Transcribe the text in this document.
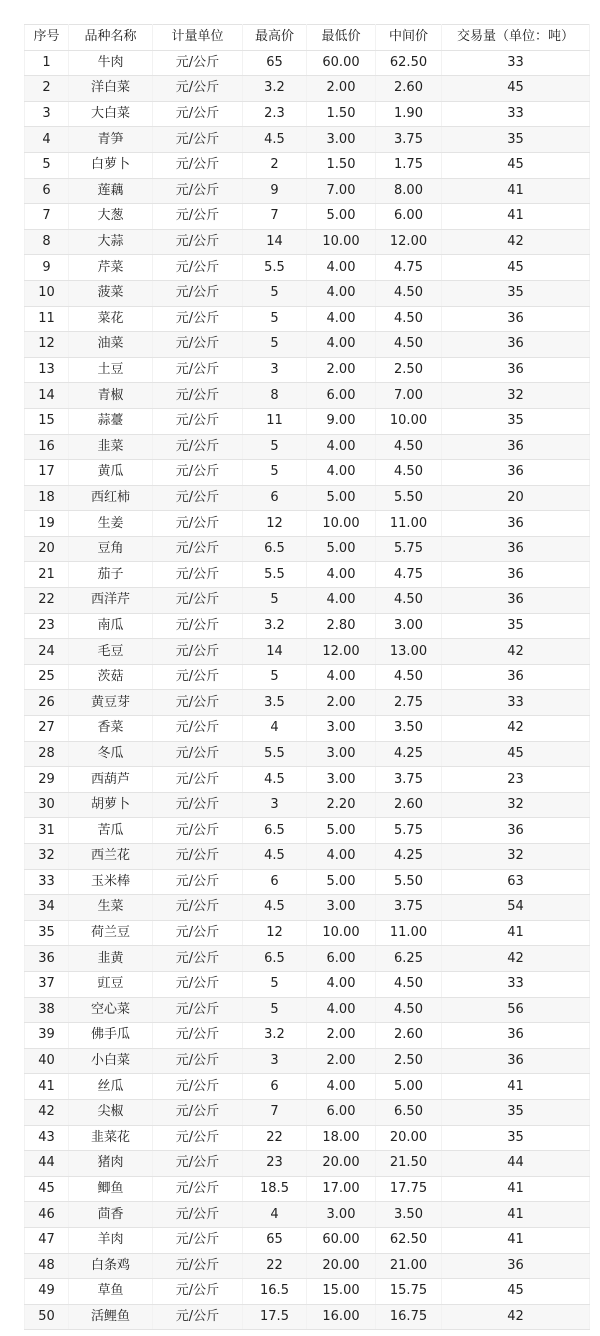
序号	品种名称	计量单位	最高价	最低价	中间价	交易量（单位：吨）
1	牛肉	元/公斤	65	60.00	62.50	33
2	洋白菜	元/公斤	3.2	2.00	2.60	45
3	大白菜	元/公斤	2.3	1.50	1.90	33
4	青笋	元/公斤	4.5	3.00	3.75	35
5	白萝卜	元/公斤	2	1.50	1.75	45
6	莲藕	元/公斤	9	7.00	8.00	41
7	大葱	元/公斤	7	5.00	6.00	41
8	大蒜	元/公斤	14	10.00	12.00	42
9	芹菜	元/公斤	5.5	4.00	4.75	45
10	菠菜	元/公斤	5	4.00	4.50	35
11	菜花	元/公斤	5	4.00	4.50	36
12	油菜	元/公斤	5	4.00	4.50	36
13	土豆	元/公斤	3	2.00	2.50	36
14	青椒	元/公斤	8	6.00	7.00	32
15	蒜薹	元/公斤	11	9.00	10.00	35
16	韭菜	元/公斤	5	4.00	4.50	36
17	黄瓜	元/公斤	5	4.00	4.50	36
18	西红柿	元/公斤	6	5.00	5.50	20
19	生姜	元/公斤	12	10.00	11.00	36
20	豆角	元/公斤	6.5	5.00	5.75	36
21	茄子	元/公斤	5.5	4.00	4.75	36
22	西洋芹	元/公斤	5	4.00	4.50	36
23	南瓜	元/公斤	3.2	2.80	3.00	35
24	毛豆	元/公斤	14	12.00	13.00	42
25	茨菇	元/公斤	5	4.00	4.50	36
26	黄豆芽	元/公斤	3.5	2.00	2.75	33
27	香菜	元/公斤	4	3.00	3.50	42
28	冬瓜	元/公斤	5.5	3.00	4.25	45
29	西葫芦	元/公斤	4.5	3.00	3.75	23
30	胡萝卜	元/公斤	3	2.20	2.60	32
31	苦瓜	元/公斤	6.5	5.00	5.75	36
32	西兰花	元/公斤	4.5	4.00	4.25	32
33	玉米棒	元/公斤	6	5.00	5.50	63
34	生菜	元/公斤	4.5	3.00	3.75	54
35	荷兰豆	元/公斤	12	10.00	11.00	41
36	韭黄	元/公斤	6.5	6.00	6.25	42
37	豇豆	元/公斤	5	4.00	4.50	33
38	空心菜	元/公斤	5	4.00	4.50	56
39	佛手瓜	元/公斤	3.2	2.00	2.60	36
40	小白菜	元/公斤	3	2.00	2.50	36
41	丝瓜	元/公斤	6	4.00	5.00	41
42	尖椒	元/公斤	7	6.00	6.50	35
43	韭菜花	元/公斤	22	18.00	20.00	35
44	猪肉	元/公斤	23	20.00	21.50	44
45	鲫鱼	元/公斤	18.5	17.00	17.75	41
46	茴香	元/公斤	4	3.00	3.50	41
47	羊肉	元/公斤	65	60.00	62.50	41
48	白条鸡	元/公斤	22	20.00	21.00	36
49	草鱼	元/公斤	16.5	15.00	15.75	45
50	活鲤鱼	元/公斤	17.5	16.00	16.75	42
